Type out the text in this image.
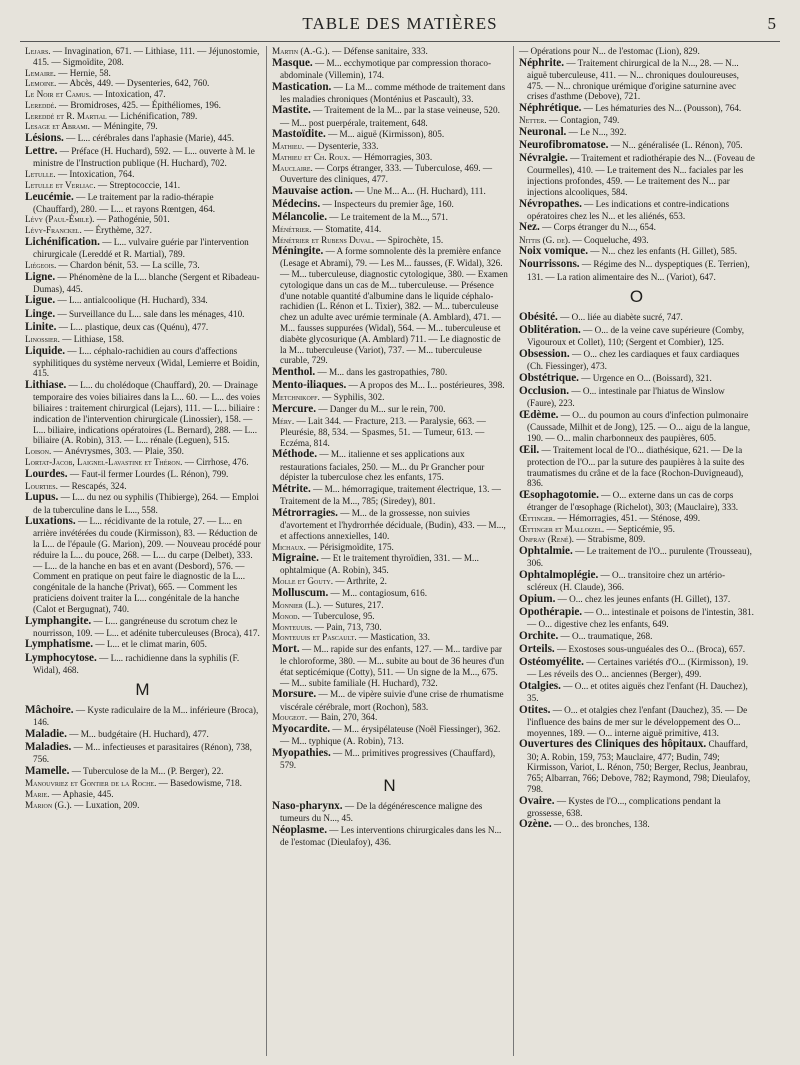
TABLE DES MATIÈRES	5

Lejars. — Invagination, 671. — Lithiase, 111. — Jéjunostomie, 415. — Sigmoïdite, 208.

Lemaire. — Hernie, 58.

Lemoine. — Abcès, 449. — Dysenteries, 642, 760.

Le Noir et Camus. — Intoxication, 47.

Lereddé. — Bromidroses, 425. — Épithéliomes, 196.

Lereddé et R. Martial — Lichénification, 789.

Lesage et Abrami. — Méningite, 79.

Lésions. — L... cérébrales dans l'aphasie (Marie), 445.

Lettre. — Préface (H. Huchard), 592. — L... ouverte à M. le ministre de l'Instruction publique (H. Huchard), 702.

Letulle. — Intoxication, 764.

Letulle et Verliac. — Streptococcie, 141.

Leucémie. — Le traitement par la radio-thérapie (Chauffard), 280. — L... et rayons Rœntgen, 464.

Lévy (Paul-Émile). — Pathogénie, 501.

Lévy-Franckel. — Érythème, 327.

Lichénification. — L... vulvaire guérie par l'intervention chirurgicale (Lereddé et R. Martial), 789.

Liégeois. — Chardon bénit, 53. — La scille, 73.

Ligne. — Phénomène de la L... blanche (Sergent et Ribadeau-Dumas), 445.

Ligue. — L... antialcoolique (H. Huchard), 334.

Linge. — Surveillance du L... sale dans les ménages, 410.

Linite. — L... plastique, deux cas (Quénu), 477.

Linossier. — Lithiase, 158.

Liquide. — L... céphalo-rachidien au cours d'affections syphilitiques du système nerveux (Widal, Lemierre et Boidin, 415.

Lithiase. — L... du cholédoque (Chauffard), 20. — Drainage temporaire des voies biliaires dans la L... 60. — L... des voies biliaires : traitement chirurgical (Lejars), 111. — L... biliaire : indication de l'intervention chirurgicale (Linossier), 158. — L... biliaire, indications opératoires (L. Bernard), 288. — L... biliaire (A. Robin), 313. — L... rénale (Leguen), 515.

Loison. — Anévrysmes, 303. — Plaie, 350.

Lortat-Jacob, Laignel-Lavastine et Théron. — Cirrhose, 476.

Lourdes. — Faut-il fermer Lourdes (L. Rénon), 799.

Lourties. — Rescapés, 324.

Lupus. — L... du nez ou syphilis (Thibierge), 264. — Emploi de la tuberculine dans le L..., 558.

Luxations. — L... récidivante de la rotule, 27. — L... en arrière invétérées du coude (Kirmisson), 83. — Réduction de la L... de l'épaule (G. Marion), 209. — Nouveau procédé pour réduire la L... du pouce, 268. — L... du carpe (Delbet), 333. — L... de la hanche en bas et en avant (Desbord), 576. — Comment en pratique on peut faire le diagnostic de la L... congénitale de la hanche (Privat), 665. — Comment les praticiens doivent traiter la L... congénitale de la hanche (Calot et Bergugnat), 740.

Lymphangite. — L... gangréneuse du scrotum chez le nourrisson, 109. — L... et adénite tuberculeuses (Broca), 417.

Lymphatisme. — L... et le climat marin, 605.

Lymphocytose. — L... rachidienne dans la syphilis (F. Widal), 468.

M

Mâchoire. — Kyste radiculaire de la M... inférieure (Broca), 146.

Maladie. — M... budgétaire (H. Huchard), 477.

Maladies. — M... infectieuses et parasitaires (Rénon), 738, 756.

Mamelle. — Tuberculose de la M... (P. Berger), 22.

Manouvriez et Gontier de la Roche. — Basedowisme, 718.

Marie. — Aphasie, 445.

Marion (G.). — Luxation, 209.

Martin (A.-G.). — Défense sanitaire, 333.

Masque. — M... ecchymotique par compression thoraco-abdominale (Villemin), 174.

Mastication. — La M... comme méthode de traitement dans les maladies chroniques (Monténius et Pascault), 33.

Mastite. — Traitement de la M... par la stase veineuse, 520. — M... post puerpérale, traitement, 648.

Mastoïdite. — M... aiguë (Kirmisson), 805.

Mathieu. — Dysenterie, 333.

Mathieu et Ch. Roux. — Hémorragies, 303.

Mauclaire. — Corps étranger, 333. — Tuberculose, 469. — Ouverture des cliniques, 477.

Mauvaise action. — Une M... A... (H. Huchard), 111.

Médecins. — Inspecteurs du premier âge, 160.

Mélancolie. — Le traitement de la M..., 571.

Ménétrier. — Stomatite, 414.

Ménétrier et Rubens Duval. — Spirochète, 15.

Méningite. — A forme somnolente dès la première enfance (Lesage et Abrami), 79. — Les M... fausses, (F. Widal), 326. — M... tuberculeuse, diagnostic cytologique, 380. — Examen cytologique dans un cas de M... tuberculeuse. — Présence d'une notable quantité d'albumine dans le liquide céphalo-rachidien (L. Rénon et L. Tixier), 382. — M... tuberculeuse chez un adulte avec urémie terminale (A. Amblard), 471. — M... fausses suppurées (Widal), 564. — M... tuberculeuse et diabète glycosurique (A. Amblard) 711. — Le diagnostic de la M... tuberculeuse (Variot), 737. — M... tuberculeuse curable, 729.

Menthol. — M... dans les gastropathies, 780.

Mento-iliaques. — A propos des M... I... postérieures, 398.

Metchnikoff. — Syphilis, 302.

Mercure. — Danger du M... sur le rein, 700.

Méry. — Lait 344. — Fracture, 213. — Paralysie, 663. — Pleurésie, 88, 534. — Spasmes, 51. — Tumeur, 613. — Eczéma, 814.

Méthode. — M... italienne et ses applications aux restaurations faciales, 250. — M... du Pr Grancher pour dépister la tuberculose chez les enfants, 175.

Métrite. — M... hémorragique, traitement électrique, 13. — Traitement de la M..., 785; (Siredey), 801.

Métrorragies. — M... de la grossesse, non suivies d'avortement et l'hydrorrhée déciduale, (Budin), 433. — M..., et affections annexielles, 140.

Michaux. — Périsigmoïdite, 175.

Migraine. — Et le traitement thyroïdien, 331. — M... ophtalmique (A. Robin), 345.

Molle et Gouty. — Arthrite, 2.

Molluscum. — M... contagiosum, 616.

Monnier (L.). — Sutures, 217.

Monod. — Tuberculose, 95.

Monteuuis. — Pain, 713, 730.

Monteuuis et Pascault. — Mastication, 33.

Mort. — M... rapide sur des enfants, 127. — M... tardive par le chloroforme, 380. — M... subite au bout de 36 heures d'un état septicémique (Cotty), 511. — Un signe de la M..., 675. — M... subite familiale (H. Huchard), 732.

Morsure. — M... de vipère suivie d'une crise de rhumatisme viscérale cérébrale, mort (Rochon), 583.

Mougeot. — Bain, 270, 364.

Myocardite. — M... érysipélateuse (Noël Fiessinger), 362. — M... typhique (A. Robin), 713.

Myopathies. — M... primitives progressives (Chauffard), 579.

N

Naso-pharynx. — De la dégénérescence maligne des tumeurs du N..., 45.

Néoplasme. — Les interventions chirurgicales dans les N... de l'estomac (Dieulafoy), 436.

— Opérations pour N... de l'estomac (Lion), 829.

Néphrite. — Traitement chirurgical de la N..., 28. — N... aiguë tuberculeuse, 411. — N... chroniques douloureuses, 475. — N... chronique urémique d'origine saturnine avec crises d'asthme (Debove), 721.

Néphrétique. — Les hématuries des N... (Pousson), 764.

Netter. — Contagion, 749.

Neuronal. — Le N..., 392.

Neurofibromatose. — N... généralisée (L. Rénon), 705.

Névralgie. — Traitement et radiothérapie des N... (Foveau de Courmelles), 410. — Le traitement des N... faciales par les injections profondes, 459. — Le traitement des N... par injections alcooliques, 584.

Névropathes. — Les indications et contre-indications opératoires chez les N... et les aliénés, 653.

Nez. — Corps étranger du N..., 654.

Nittis (G. de). — Coqueluche, 493.

Noix vomique. — N... chez les enfants (H. Gillet), 585.

Nourrissons. — Régime des N... dyspeptiques (E. Terrien), 131. — La ration alimentaire des N... (Variot), 647.

O

Obésité. — O... liée au diabète sucré, 747.

Oblitération. — O... de la veine cave supérieure (Comby, Vigouroux et Collet), 110; (Sergent et Combier), 125.

Obsession. — O... chez les cardiaques et faux cardiaques (Ch. Fiessinger), 473.

Obstétrique. — Urgence en O... (Boissard), 321.

Occlusion. — O... intestinale par l'hiatus de Winslow (Faure), 223.

Œdème. — O... du poumon au cours d'infection pulmonaire (Caussade, Milhit et de Jong), 125. — O... aigu de la langue, 190. — O... malin charbonneux des paupières, 605.

Œil. — Traitement local de l'O... diathésique, 621. — De la protection de l'O... par la suture des paupières à la suite des traumatismes du crâne et de la face (Rochon-Duvigneaud), 836.

Œsophagotomie. — O... externe dans un cas de corps étranger de l'œsophage (Richelot), 303; (Mauclaire), 333.

Œttinger. — Hémorragies, 451. — Sténose, 499.

Œttinger et Malloizel. — Septicémie, 95.

Onfray (René). — Strabisme, 809.

Ophtalmie. — Le traitement de l'O... purulente (Trousseau), 306.

Ophtalmoplégie. — O... transitoire chez un artério-scléreux (H. Claude), 366.

Opium. — O... chez les jeunes enfants (H. Gillet), 137.

Opothérapie. — O... intestinale et poisons de l'intestin, 381. — O... digestive chez les enfants, 649.

Orchite. — O... traumatique, 268.

Orteils. — Exostoses sous-unguéales des O... (Broca), 657.

Ostéomyélite. — Certaines variétés d'O... (Kirmisson), 19. — Les réveils des O... anciennes (Berger), 499.

Otalgies. — O... et otites aiguës chez l'enfant (H. Dauchez), 35.

Otites. — O... et otalgies chez l'enfant (Dauchez), 35. — De l'influence des bains de mer sur le développement des O... moyennes, 189. — O... interne aiguë primitive, 413.

Ouvertures des Cliniques des hôpitaux. Chauffard, 30; A. Robin, 159, 753; Mauclaire, 477; Budin, 749; Kirmisson, Variot, L. Rénon, 750; Berger, Reclus, Jeanbrau, 765; Albarran, 766; Debove, 782; Raymond, 798; Dieulafoy, 798.

Ovaire. — Kystes de l'O..., complications pendant la grossesse, 638.

Ozène. — O... des bronches, 138.
